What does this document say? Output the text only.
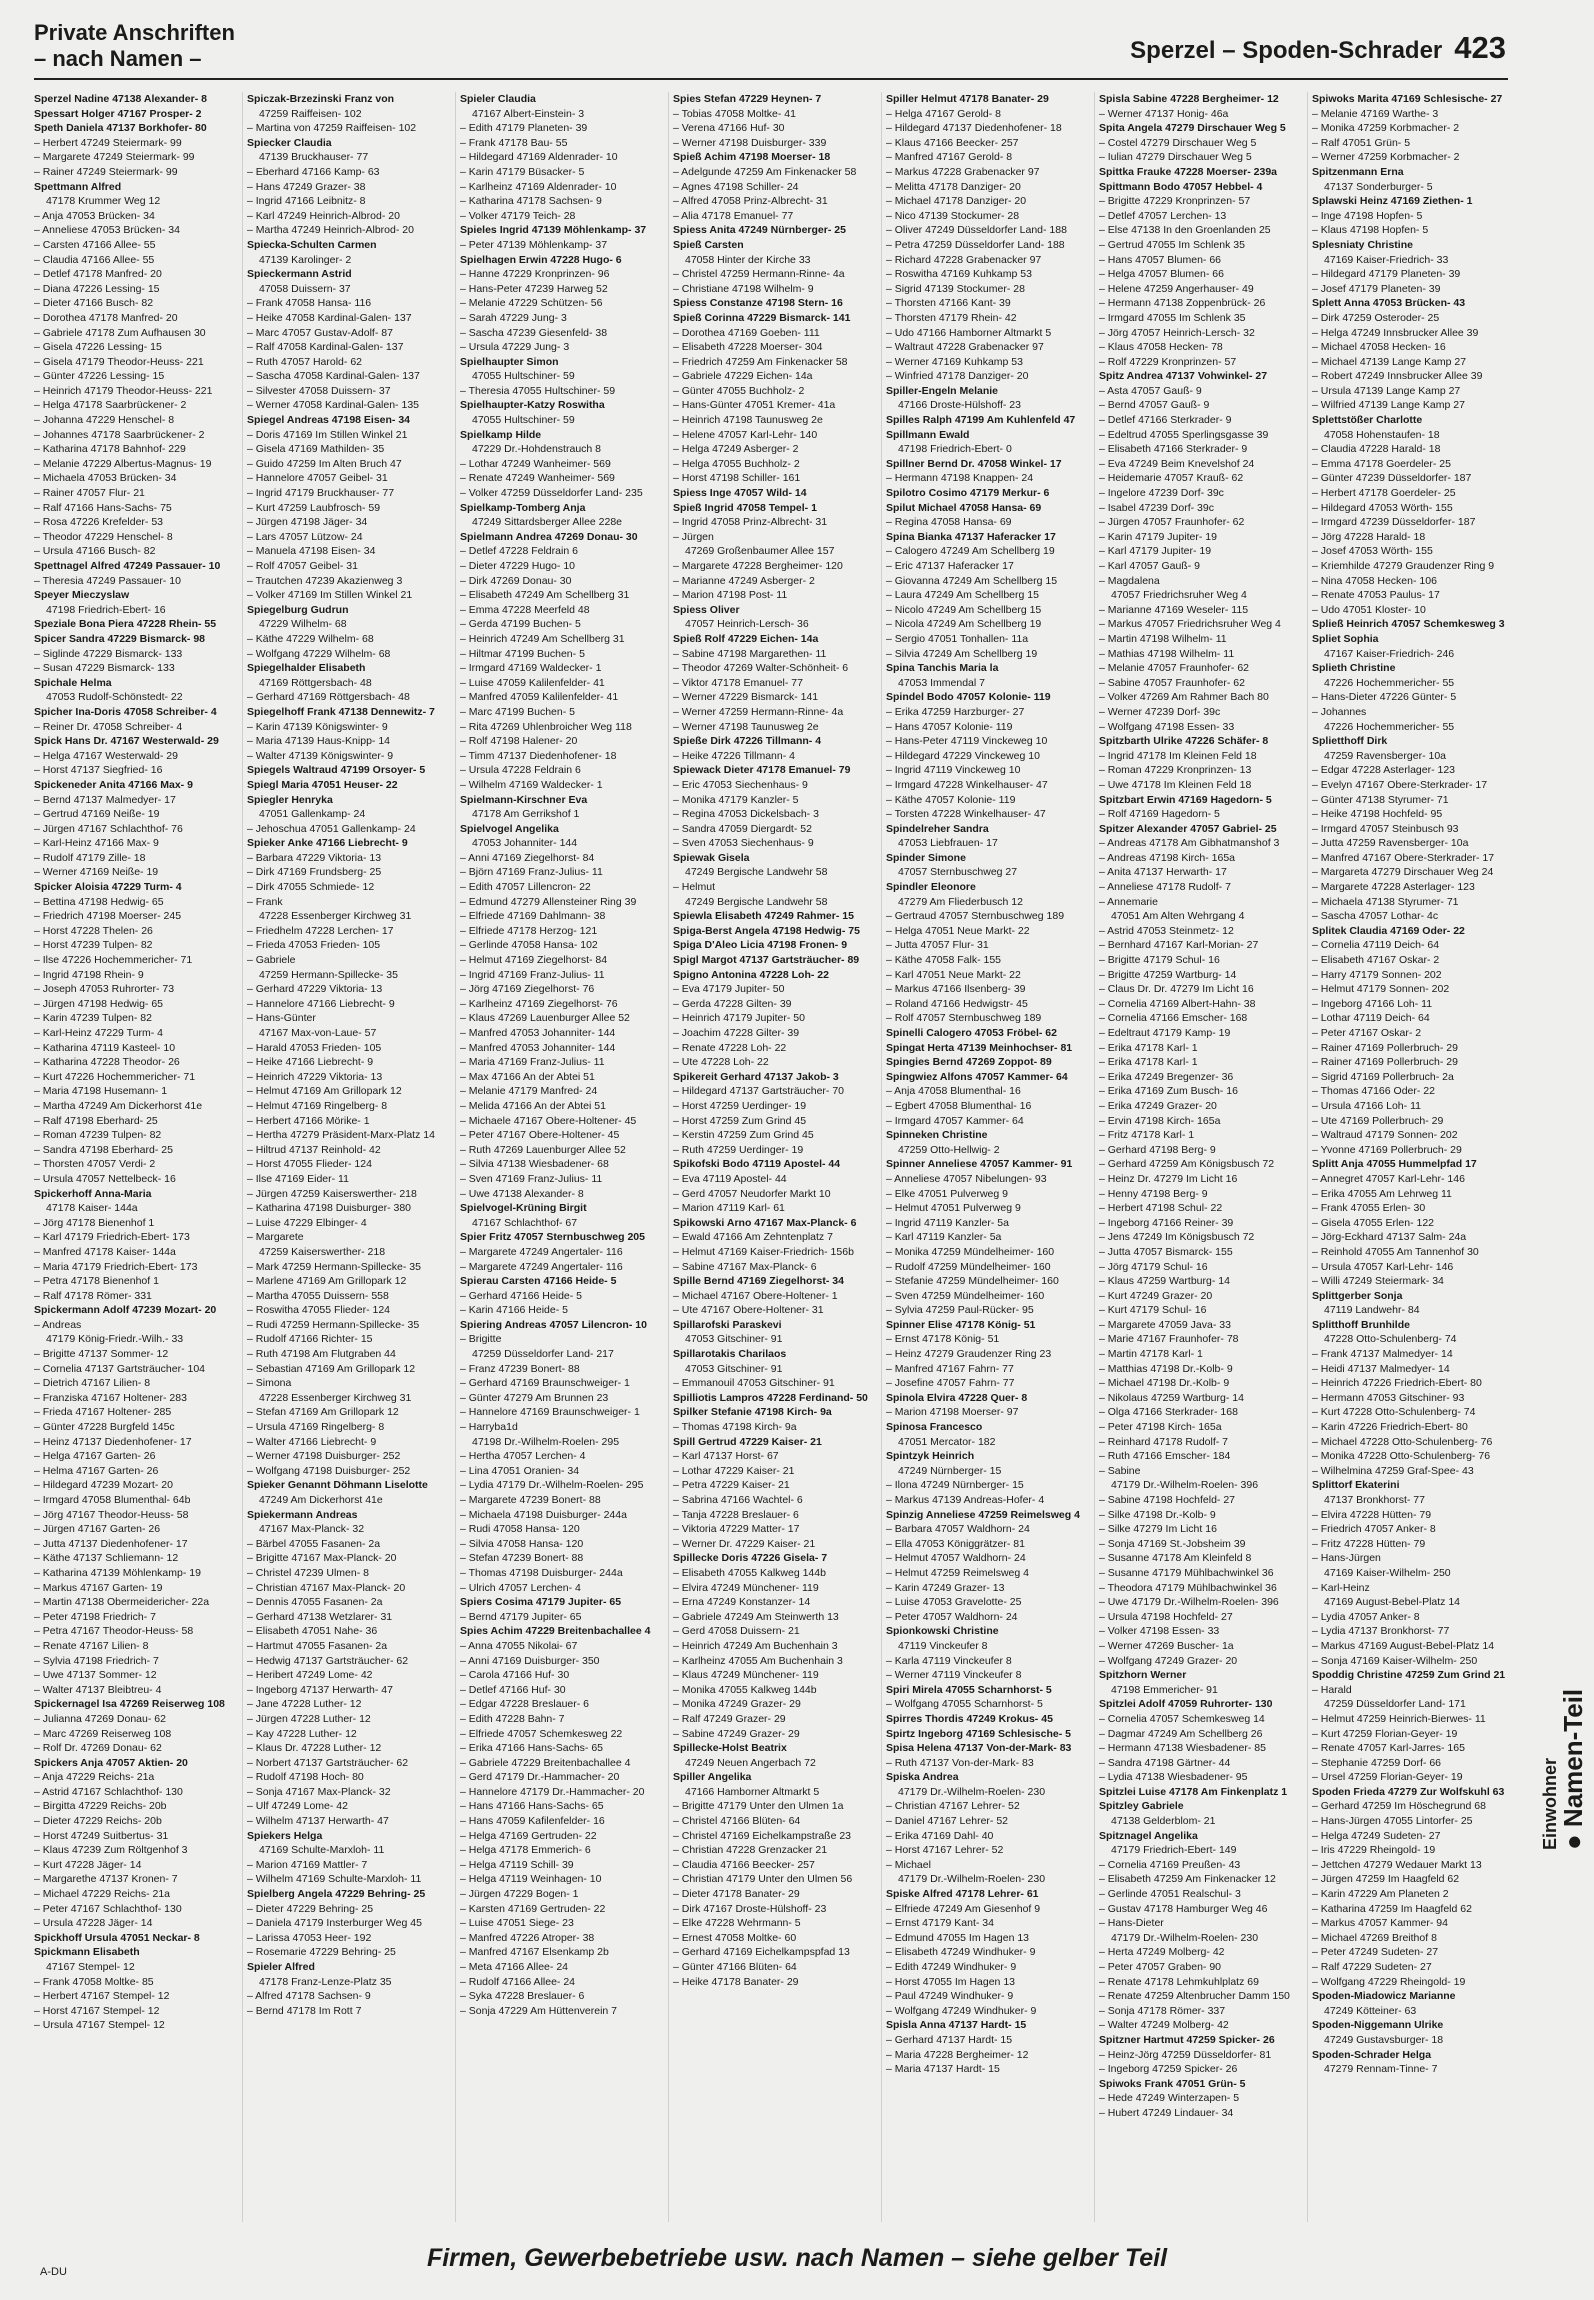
Private Anschriften
– nach Namen –	Sperzel – Spoden-Schrader 423
Sperzel Nadine 47138 Alexander- 8
Spessart Holger 47167 Prosper- 2
Speth Daniela 47137 Borkhofer- 80
– Herbert 47249 Steiermark- 99
– Margarete 47249 Steiermark- 99
– Rainer 47249 Steiermark- 99
Spettmann Alfred
47178 Krummer Weg 12
– Anja 47053 Brücken- 34
– Anneliese 47053 Brücken- 34
– Carsten 47166 Allee- 55
– Claudia 47166 Allee- 55
– Detlef 47178 Manfred- 20
– Diana 47226 Lessing- 15
– Dieter 47166 Busch- 82
– Dorothea 47178 Manfred- 20
– Gabriele 47178 Zum Aufhausen 30
– Gisela 47226 Lessing- 15
– Gisela 47179 Theodor-Heuss- 221
– Günter 47226 Lessing- 15
– Heinrich 47179 Theodor-Heuss- 221
– Helga 47178 Saarbrückener- 2
– Johanna 47229 Henschel- 8
– Johannes 47178 Saarbrückener- 2
– Katharina 47178 Bahnhof- 229
– Melanie 47229 Albertus-Magnus- 19
– Michaela 47053 Brücken- 34
– Rainer 47057 Flur- 21
– Ralf 47166 Hans-Sachs- 75
– Rosa 47226 Krefelder- 53
– Theodor 47229 Henschel- 8
– Ursula 47166 Busch- 82
Spettnagel Alfred 47249 Passauer- 10
– Theresia 47249 Passauer- 10
Speyer Mieczyslaw
47198 Friedrich-Ebert- 16
Speziale Bona Piera 47228 Rhein- 55
Spicer Sandra 47229 Bismarck- 98
– Siglinde 47229 Bismarck- 133
– Susan 47229 Bismarck- 133
Spichale Helma
47053 Rudolf-Schönstedt- 22
Spicher Ina-Doris 47058 Schreiber- 4
– Reiner Dr. 47058 Schreiber- 4
Spick Hans Dr. 47167 Westerwald- 29
– Helga 47167 Westerwald- 29
– Horst 47137 Siegfried- 16
Spickeneder Anita 47166 Max- 9
– Bernd 47137 Malmedyer- 17
– Gertrud 47169 Neiße- 19
– Jürgen 47167 Schlachthof- 76
– Karl-Heinz 47166 Max- 9
– Rudolf 47179 Zille- 18
– Werner 47169 Neiße- 19
Spicker Aloisia 47229 Turm- 4
– Bettina 47198 Hedwig- 65
– Friedrich 47198 Moerser- 245
– Horst 47228 Thelen- 26
– Horst 47239 Tulpen- 82
– Ilse 47226 Hochemmericher- 71
– Ingrid 47198 Rhein- 9
– Joseph 47053 Ruhrorter- 73
– Jürgen 47198 Hedwig- 65
– Karin 47239 Tulpen- 82
– Karl-Heinz 47229 Turm- 4
– Katharina 47119 Kasteel- 10
– Katharina 47228 Theodor- 26
– Kurt 47226 Hochemmericher- 71
– Maria 47198 Husemann- 1
– Martha 47249 Am Dickerhorst 41e
– Ralf 47198 Eberhard- 25
– Roman 47239 Tulpen- 82
– Sandra 47198 Eberhard- 25
– Thorsten 47057 Verdi- 2
– Ursula 47057 Nettelbeck- 16
Spickerhoff Anna-Maria
47178 Kaiser- 144a
– Jörg 47178 Bienenhof 1
– Karl 47179 Friedrich-Ebert- 173
– Manfred 47178 Kaiser- 144a
– Maria 47179 Friedrich-Ebert- 173
– Petra 47178 Bienenhof 1
– Ralf 47178 Römer- 331
Spickermann Adolf 47239 Mozart- 20
– Andreas
47179 König-Friedr.-Wilh.- 33
– Brigitte 47137 Sommer- 12
– Cornelia 47137 Gartsträucher- 104
– Dietrich 47167 Lilien- 8
– Franziska 47167 Holtener- 283
– Frieda 47167 Holtener- 285
– Günter 47228 Burgfeld 145c
– Heinz 47137 Diedenhofener- 17
– Helga 47167 Garten- 26
– Helma 47167 Garten- 26
– Hildegard 47239 Mozart- 20
– Irmgard 47058 Blumenthal- 64b
– Jörg 47167 Theodor-Heuss- 58
– Jürgen 47167 Garten- 26
– Jutta 47137 Diedenhofener- 17
– Käthe 47137 Schliemann- 12
– Katharina 47139 Möhlenkamp- 19
– Markus 47167 Garten- 19
– Martin 47138 Obermeidericher- 22a
– Peter 47198 Friedrich- 7
– Petra 47167 Theodor-Heuss- 58
– Renate 47167 Lilien- 8
– Sylvia 47198 Friedrich- 7
– Uwe 47137 Sommer- 12
– Walter 47137 Bleibtreu- 4
Spickernagel Isa 47269 Reiserweg 108
– Julianna 47269 Donau- 62
– Marc 47269 Reiserweg 108
– Rolf Dr. 47269 Donau- 62
Spickers Anja 47057 Aktien- 20
– Anja 47229 Reichs- 21a
– Astrid 47167 Schlachthof- 130
– Birgitta 47229 Reichs- 20b
– Dieter 47229 Reichs- 20b
– Horst 47249 Suitbertus- 31
– Klaus 47239 Zum Röltgenhof 3
– Kurt 47228 Jäger- 14
– Margarethe 47137 Kronen- 7
– Michael 47229 Reichs- 21a
– Peter 47167 Schlachthof- 130
– Ursula 47228 Jäger- 14
Spickhoff Ursula 47051 Neckar- 8
Spickmann Elisabeth
47167 Stempel- 12
– Frank 47058 Moltke- 85
– Herbert 47167 Stempel- 12
– Horst 47167 Stempel- 12
– Ursula 47167 Stempel- 12
Spiczak-Brzezinski Franz von
47259 Raiffeisen- 102
– Martina von 47259 Raiffeisen- 102
Spiecker Claudia
47139 Bruckhauser- 77
– Eberhard 47166 Kamp- 63
– Hans 47249 Grazer- 38
– Ingrid 47166 Leibnitz- 8
– Karl 47249 Heinrich-Albrod- 20
– Martha 47249 Heinrich-Albrod- 20
Spiecka-Schulten Carmen
47139 Karolinger- 2
Spieckermann Astrid
47058 Duissern- 37
– Frank 47058 Hansa- 116
– Heike 47058 Kardinal-Galen- 137
– Marc 47057 Gustav-Adolf- 87
– Ralf 47058 Kardinal-Galen- 137
– Ruth 47057 Harold- 62
– Sascha 47058 Kardinal-Galen- 137
– Silvester 47058 Duissern- 37
– Werner 47058 Kardinal-Galen- 135
Spiegel Andreas 47198 Eisen- 34
– Doris 47169 Im Stillen Winkel 21
– Gisela 47169 Mathilden- 35
– Guido 47259 Im Alten Bruch 47
– Hannelore 47057 Geibel- 31
– Ingrid 47179 Bruckhauser- 77
– Kurt 47259 Laubfrosch- 59
– Jürgen 47198 Jäger- 34
– Lars 47057 Lützow- 24
– Manuela 47198 Eisen- 34
– Rolf 47057 Geibel- 31
– Trautchen 47239 Akazienweg 3
– Volker 47169 Im Stillen Winkel 21
Spiegelburg Gudrun
47229 Wilhelm- 68
– Käthe 47229 Wilhelm- 68
– Wolfgang 47229 Wilhelm- 68
Spiegelhalder Elisabeth
47169 Röttgersbach- 48
– Gerhard 47169 Röttgersbach- 48
Spiegelhoff Frank 47138 Dennewitz- 7
– Karin 47139 Königswinter- 9
– Maria 47139 Haus-Knipp- 14
– Walter 47139 Königswinter- 9
Spiegels Waltraud 47199 Orsoyer- 5
Spiegl Maria 47051 Heuser- 22
Spiegler Henryka
47051 Gallenkamp- 24
– Jehoschua 47051 Gallenkamp- 24
Spieker Anke 47166 Liebrecht- 9
– Barbara 47229 Viktoria- 13
– Dirk 47169 Frundsberg- 25
– Dirk 47055 Schmiede- 12
– Frank
47228 Essenberger Kirchweg 31
– Friedhelm 47228 Lerchen- 17
– Frieda 47053 Frieden- 105
– Gabriele
47259 Hermann-Spillecke- 35
– Gerhard 47229 Viktoria- 13
– Hannelore 47166 Liebrecht- 9
– Hans-Günter
47167 Max-von-Laue- 57
– Harald 47053 Frieden- 105
– Heike 47166 Liebrecht- 9
– Heinrich 47229 Viktoria- 13
– Helmut 47169 Am Grillopark 12
– Helmut 47169 Ringelberg- 8
– Herbert 47166 Mörike- 1
– Hertha 47279 Präsident-Marx-Platz 14
– Hiltrud 47137 Reinhold- 42
– Horst 47055 Flieder- 124
– Ilse 47169 Eider- 11
– Jürgen 47259 Kaiserswerther- 218
– Katharina 47198 Duisburger- 380
– Luise 47229 Elbinger- 4
– Margarete
47259 Kaiserswerther- 218
– Mark 47259 Hermann-Spillecke- 35
– Marlene 47169 Am Grillopark 12
– Martha 47055 Duissern- 558
– Roswitha 47055 Flieder- 124
– Rudi 47259 Hermann-Spillecke- 35
– Rudolf 47166 Richter- 15
– Ruth 47198 Am Flutgraben 44
– Sebastian 47169 Am Grillopark 12
– Simona
47228 Essenberger Kirchweg 31
– Stefan 47169 Am Grillopark 12
– Ursula 47169 Ringelberg- 8
– Walter 47166 Liebrecht- 9
– Werner 47198 Duisburger- 252
– Wolfgang 47198 Duisburger- 252
Spieker Genannt Döhmann Liselotte
47249 Am Dickerhorst 41e
Spiekermann Andreas
47167 Max-Planck- 32
– Bärbel 47055 Fasanen- 2a
– Brigitte 47167 Max-Planck- 20
– Christel 47239 Ulmen- 8
– Christian 47167 Max-Planck- 20
– Dennis 47055 Fasanen- 2a
– Gerhard 47138 Wetzlarer- 31
– Elisabeth 47051 Nahe- 36
– Hartmut 47055 Fasanen- 2a
– Hedwig 47137 Gartsträucher- 62
– Heribert 47249 Lome- 42
– Ingeborg 47137 Herwarth- 47
– Jane 47228 Luther- 12
– Jürgen 47228 Luther- 12
– Kay 47228 Luther- 12
– Klaus Dr. 47228 Luther- 12
– Norbert 47137 Gartsträucher- 62
– Rudolf 47198 Hoch- 80
– Sonja 47167 Max-Planck- 32
– Ulf 47249 Lome- 42
– Wilhelm 47137 Herwarth- 47
Spiekers Helga
47169 Schulte-Marxloh- 11
– Marion 47169 Mattler- 7
– Wilhelm 47169 Schulte-Marxloh- 11
Spielberg Angela 47229 Behring- 25
– Dieter 47229 Behring- 25
– Daniela 47179 Insterburger Weg 45
– Larissa 47053 Heer- 192
– Rosemarie 47229 Behring- 25
Spieler Alfred
47178 Franz-Lenze-Platz 35
– Alfred 47178 Sachsen- 9
– Bernd 47178 Im Rott 7
Spieler Claudia
47167 Albert-Einstein- 3
– Edith 47179 Planeten- 39
– Frank 47178 Bau- 55
– Hildegard 47169 Aldenrader- 10
– Karin 47179 Büsacker- 5
– Karlheinz 47169 Aldenrader- 10
– Katharina 47178 Sachsen- 9
– Volker 47179 Teich- 28
Spieles Ingrid 47139 Möhlenkamp- 37
– Peter 47139 Möhlenkamp- 37
Spielhagen Erwin 47228 Hugo- 6
– Hanne 47229 Kronprinzen- 96
– Hans-Peter 47239 Harweg 52
– Melanie 47229 Schützen- 56
– Sarah 47229 Jung- 3
– Sascha 47239 Giesenfeld- 38
– Ursula 47229 Jung- 3
Spielhaupter Simon
47055 Hultschiner- 59
– Theresia 47055 Hultschiner- 59
Spielhaupter-Katzy Roswitha
47055 Hultschiner- 59
Spielkamp Hilde
47229 Dr.-Hohdenstrauch 8
– Lothar 47249 Wanheimer- 569
– Renate 47249 Wanheimer- 569
– Volker 47259 Düsseldorfer Land- 235
Spielkamp-Tomberg Anja
47249 Sittardsberger Allee 228e
Spielmann Andrea 47269 Donau- 30
– Detlef 47228 Feldrain 6
– Dieter 47229 Hugo- 10
– Dirk 47269 Donau- 30
– Elisabeth 47249 Am Schellberg 31
– Emma 47228 Meerfeld 48
– Gerda 47199 Buchen- 5
– Heinrich 47249 Am Schellberg 31
– Hiltmar 47199 Buchen- 5
– Irmgard 47169 Waldecker- 1
– Luise 47059 Kalilenfelder- 41
– Manfred 47059 Kalilenfelder- 41
– Marc 47199 Buchen- 5
– Rita 47269 Uhlenbroicher Weg 118
– Rolf 47198 Halener- 20
– Timm 47137 Diedenhofener- 18
– Ursula 47228 Feldrain 6
– Wilhelm 47169 Waldecker- 1
Spielmann-Kirschner Eva
47178 Am Gerrikshof 1
Spielvogel Angelika
47053 Johanniter- 144
– Anni 47169 Ziegelhorst- 84
– Björn 47169 Franz-Julius- 11
– Edith 47057 Lillencron- 22
– Edmund 47279 Allensteiner Ring 39
– Elfriede 47169 Dahlmann- 38
– Elfriede 47178 Herzog- 121
– Gerlinde 47058 Hansa- 102
– Helmut 47169 Ziegelhorst- 84
– Ingrid 47169 Franz-Julius- 11
– Jörg 47169 Ziegelhorst- 76
– Karlheinz 47169 Ziegelhorst- 76
– Klaus 47269 Lauenburger Allee 52
– Manfred 47053 Johanniter- 144
– Manfred 47053 Johanniter- 144
– Maria 47169 Franz-Julius- 11
– Max 47166 An der Abtei 51
– Melanie 47179 Manfred- 24
– Melida 47166 An der Abtei 51
– Michaele 47167 Obere-Holtener- 45
– Peter 47167 Obere-Holtener- 45
– Ruth 47269 Lauenburger Allee 52
– Silvia 47138 Wiesbadener- 68
– Sven 47169 Franz-Julius- 11
– Uwe 47138 Alexander- 8
Spielvogel-Krüning Birgit
47167 Schlachthof- 67
Spier Fritz 47057 Sternbuschweg 205
– Margarete 47249 Angertaler- 116
– Margarete 47249 Angertaler- 116
Spierau Carsten 47166 Heide- 5
– Gerhard 47166 Heide- 5
– Karin 47166 Heide- 5
Spiering Andreas 47057 Lilencron- 10
– Brigitte
47259 Düsseldorfer Land- 217
– Franz 47239 Bonert- 88
– Gerhard 47169 Braunschweiger- 1
– Günter 47279 Am Brunnen 23
– Hannelore 47169 Braunschweiger- 1
– Harryba1d
47198 Dr.-Wilhelm-Roelen- 295
– Hertha 47057 Lerchen- 4
– Lina 47051 Oranien- 34
– Lydia 47179 Dr.-Wilhelm-Roelen- 295
– Margarete 47239 Bonert- 88
– Michaela 47198 Duisburger- 244a
– Rudi 47058 Hansa- 120
– Silvia 47058 Hansa- 120
– Stefan 47239 Bonert- 88
– Thomas 47198 Duisburger- 244a
– Ulrich 47057 Lerchen- 4
Spiers Cosima 47179 Jupiter- 65
– Bernd 47179 Jupiter- 65
Spies Achim 47229 Breitenbachallee 4
– Anna 47055 Nikolai- 67
– Anni 47169 Duisburger- 350
– Carola 47166 Huf- 30
– Detlef 47166 Huf- 30
– Edgar 47228 Breslauer- 6
– Edith 47228 Bahn- 7
– Elfriede 47057 Schemkesweg 22
– Erika 47166 Hans-Sachs- 65
– Gabriele 47229 Breitenbachallee 4
– Gerd 47179 Dr.-Hammacher- 20
– Hannelore 47179 Dr.-Hammacher- 20
– Hans 47166 Hans-Sachs- 65
– Hans 47059 Kafilenfelder- 16
– Helga 47169 Gertruden- 22
– Helga 47178 Emmerich- 6
– Helga 47119 Schill- 39
– Helga 47119 Weinhagen- 10
– Jürgen 47229 Bogen- 1
– Karsten 47169 Gertruden- 22
– Luise 47051 Siege- 23
– Manfred 47226 Atroper- 38
– Manfred 47167 Elsenkamp 2b
– Meta 47166 Allee- 24
– Rudolf 47166 Allee- 24
– Syka 47228 Breslauer- 6
– Sonja 47229 Am Hüttenverein 7
Spies Stefan 47229 Heynen- 7
– Tobias 47058 Moltke- 41
– Verena 47166 Huf- 30
– Werner 47198 Duisburger- 339
Spieß Achim 47198 Moerser- 18
– Adelgunde 47259 Am Finkenacker 58
– Agnes 47198 Schiller- 24
– Alfred 47058 Prinz-Albrecht- 31
– Alia 47178 Emanuel- 77
Spiess Anita 47249 Nürnberger- 25
Spieß Carsten
47058 Hinter der Kirche 33
– Christel 47259 Hermann-Rinne- 4a
– Christiane 47198 Wilhelm- 9
Spiess Constanze 47198 Stern- 16
Spieß Corinna 47229 Bismarck- 141
– Dorothea 47169 Goeben- 111
– Elisabeth 47228 Moerser- 304
– Friedrich 47259 Am Finkenacker 58
– Gabriele 47229 Eichen- 14a
– Günter 47055 Buchholz- 2
– Hans-Günter 47051 Kremer- 41a
– Heinrich 47198 Taunusweg 2e
– Helene 47057 Karl-Lehr- 140
– Helga 47249 Asberger- 2
– Helga 47055 Buchholz- 2
– Horst 47198 Schiller- 161
Spiess Inge 47057 Wild- 14
Spieß Ingrid 47058 Tempel- 1
– Ingrid 47058 Prinz-Albrecht- 31
– Jürgen
47269 Großenbaumer Allee 157
– Margarete 47228 Bergheimer- 120
– Marianne 47249 Asberger- 2
– Marion 47198 Post- 11
Spiess Oliver
47057 Heinrich-Lersch- 36
Spieß Rolf 47229 Eichen- 14a
– Sabine 47198 Margarethen- 11
– Theodor 47269 Walter-Schönheit- 6
– Viktor 47178 Emanuel- 77
– Werner 47229 Bismarck- 141
– Werner 47259 Hermann-Rinne- 4a
– Werner 47198 Taunusweg 2e
Spieße Dirk 47226 Tillmann- 4
– Heike 47226 Tillmann- 4
Spiewack Dieter 47178 Emanuel- 79
– Eric 47053 Siechenhaus- 9
– Monika 47179 Kanzler- 5
– Regina 47053 Dickelsbach- 3
– Sandra 47059 Diergardt- 52
– Sven 47053 Siechenhaus- 9
Spiewak Gisela
47249 Bergische Landwehr 58
– Helmut
47249 Bergische Landwehr 58
Spiewla Elisabeth 47249 Rahmer- 15
Spiga-Berst Angela 47198 Hedwig- 75
Spiga D'Aleo Licia 47198 Fronen- 9
Spigl Margot 47137 Gartsträucher- 89
Spigno Antonina 47228 Loh- 22
– Eva 47179 Jupiter- 50
– Gerda 47228 Gilten- 39
– Heinrich 47179 Jupiter- 50
– Joachim 47228 Gilter- 39
– Renate 47228 Loh- 22
– Ute 47228 Loh- 22
Spikereit Gerhard 47137 Jakob- 3
– Hildegard 47137 Gartsträucher- 70
– Horst 47259 Uerdinger- 19
– Horst 47259 Zum Grind 45
– Kerstin 47259 Zum Grind 45
– Ruth 47259 Uerdinger- 19
Spikofski Bodo 47119 Apostel- 44
– Eva 47119 Apostel- 44
– Gerd 47057 Neudorfer Markt 10
– Marion 47119 Karl- 61
Spikowski Arno 47167 Max-Planck- 6
– Ewald 47166 Am Zehntenplatz 7
– Helmut 47169 Kaiser-Friedrich- 156b
– Sabine 47167 Max-Planck- 6
Spille Bernd 47169 Ziegelhorst- 34
– Michael 47167 Obere-Holtener- 1
– Ute 47167 Obere-Holtener- 31
Spillarofski Paraskevi
47053 Gitschiner- 91
Spillarotakis Charilaos
47053 Gitschiner- 91
– Emmanouil 47053 Gitschiner- 91
Spilliotis Lampros 47228 Ferdinand- 50
Spilker Stefanie 47198 Kirch- 9a
– Thomas 47198 Kirch- 9a
Spill Gertrud 47229 Kaiser- 21
– Karl 47137 Horst- 67
– Lothar 47229 Kaiser- 21
– Petra 47229 Kaiser- 21
– Sabrina 47166 Wachtel- 6
– Tanja 47228 Breslauer- 6
– Viktoria 47229 Matter- 17
– Werner Dr. 47229 Kaiser- 21
Spillecke Doris 47226 Gisela- 7
– Elisabeth 47055 Kalkweg 144b
– Elvira 47249 Münchener- 119
– Erna 47249 Konstanzer- 14
– Gabriele 47249 Am Steinwerth 13
– Gerd 47058 Duissern- 21
– Heinrich 47249 Am Buchenhain 3
– Karlheinz 47055 Am Buchenhain 3
– Klaus 47249 Münchener- 119
– Monika 47055 Kalkweg 144b
– Monika 47249 Grazer- 29
– Ralf 47249 Grazer- 29
– Sabine 47249 Grazer- 29
Spillecke-Holst Beatrix
47249 Neuen Angerbach 72
Spiller Angelika
47166 Hamborner Altmarkt 5
– Brigitte 47179 Unter den Ulmen 1a
– Christel 47166 Blüten- 64
– Christel 47169 Eichelkampstraße 23
– Christian 47228 Grenzacker 21
– Claudia 47166 Beecker- 257
– Christian 47179 Unter den Ulmen 56
– Dieter 47178 Banater- 29
– Dirk 47167 Droste-Hülshoff- 23
– Elke 47228 Wehrmann- 5
– Ernest 47058 Moltke- 60
– Gerhard 47169 Eichelkampspfad 13
– Günter 47166 Blüten- 64
– Heike 47178 Banater- 29
Spiller Helmut 47178 Banater- 29
– Helga 47167 Gerold- 8
– Hildegard 47137 Diedenhofener- 18
– Klaus 47166 Beecker- 257
– Manfred 47167 Gerold- 8
– Markus 47228 Grabenacker 97
– Melitta 47178 Danziger- 20
– Michael 47178 Danziger- 20
– Nico 47139 Stockumer- 28
– Oliver 47249 Düsseldorfer Land- 188
– Petra 47259 Düsseldorfer Land- 188
– Richard 47228 Grabenacker 97
– Roswitha 47169 Kuhkamp 53
– Sigrid 47139 Stockumer- 28
– Thorsten 47166 Kant- 39
– Thorsten 47179 Rhein- 42
– Udo 47166 Hamborner Altmarkt 5
– Waltraut 47228 Grabenacker 97
– Werner 47169 Kuhkamp 53
– Winfried 47178 Danziger- 20
Spiller-Engeln Melanie
47166 Droste-Hülshoff- 23
Spilles Ralph 47199 Am Kuhlenfeld 47
Spillmann Ewald
47198 Friedrich-Ebert- 0
Spillner Bernd Dr. 47058 Winkel- 17
– Hermann 47198 Knappen- 24
Spilotro Cosimo 47179 Merkur- 6
Spilut Michael 47058 Hansa- 69
– Regina 47058 Hansa- 69
Spina Bianka 47137 Haferacker 17
– Calogero 47249 Am Schellberg 19
– Eric 47137 Haferacker 17
– Giovanna 47249 Am Schellberg 15
– Laura 47249 Am Schellberg 15
– Nicolo 47249 Am Schellberg 15
– Nicola 47249 Am Schellberg 19
– Sergio 47051 Tonhallen- 11a
– Silvia 47249 Am Schellberg 19
Spina Tanchis Maria la
47053 Immendal 7
Spindel Bodo 47057 Kolonie- 119
– Erika 47259 Harzburger- 27
– Hans 47057 Kolonie- 119
– Hans-Peter 47119 Vinckeweg 10
– Hildegard 47229 Vinckeweg 10
– Ingrid 47119 Vinckeweg 10
– Irmgard 47228 Winkelhauser- 47
– Käthe 47057 Kolonie- 119
– Torsten 47228 Winkelhauser- 47
Spindelreher Sandra
47053 Liebfrauen- 17
Spinder Simone
47057 Sternbuschweg 27
Spindler Eleonore
47279 Am Fliederbusch 12
– Gertraud 47057 Sternbuschweg 189
– Helga 47051 Neue Markt- 22
– Jutta 47057 Flur- 31
– Käthe 47058 Falk- 155
– Karl 47051 Neue Markt- 22
– Markus 47166 Ilsenberg- 39
– Roland 47166 Hedwigstr- 45
– Rolf 47057 Sternbuschweg 189
Spinelli Calogero 47053 Fröbel- 62
Spingat Herta 47139 Meinhochser- 81
Spingies Bernd 47269 Zoppot- 89
Spingwiez Alfons 47057 Kammer- 64
– Anja 47058 Blumenthal- 16
– Egbert 47058 Blumenthal- 16
– Irmgard 47057 Kammer- 64
Spinneken Christine
47259 Otto-Hellwig- 2
Spinner Anneliese 47057 Kammer- 91
– Anneliese 47057 Nibelungen- 93
– Elke 47051 Pulverweg 9
– Helmut 47051 Pulverweg 9
– Ingrid 47119 Kanzler- 5a
– Karl 47119 Kanzler- 5a
– Monika 47259 Mündelheimer- 160
– Rudolf 47259 Mündelheimer- 160
– Stefanie 47259 Mündelheimer- 160
– Sven 47259 Mündelheimer- 160
– Sylvia 47259 Paul-Rücker- 95
Spinner Elise 47178 König- 51
– Ernst 47178 König- 51
– Heinz 47279 Graudenzer Ring 23
– Manfred 47167 Fahrn- 77
– Josefine 47057 Fahrn- 77
Spinola Elvira 47228 Quer- 8
– Marion 47198 Moerser- 97
Spinosa Francesco
47051 Mercator- 182
Spintzyk Heinrich
47249 Nürnberger- 15
– Ilona 47249 Nürnberger- 15
– Markus 47139 Andreas-Hofer- 4
Spinzig Anneliese 47259 Reimelsweg 4
– Barbara 47057 Waldhorn- 24
– Ella 47053 Königgrätzer- 81
– Helmut 47057 Waldhorn- 24
– Helmut 47259 Reimelsweg 4
– Karin 47249 Grazer- 13
– Luise 47053 Gravelotte- 25
– Peter 47057 Waldhorn- 24
Spionkowski Christine
47119 Vinckeufer 8
– Karla 47119 Vinckeufer 8
– Werner 47119 Vinckeufer 8
Spiri Mirela 47055 Scharnhorst- 5
– Wolfgang 47055 Scharnhorst- 5
Spirres Thordis 47249 Krokus- 45
Spirtz Ingeborg 47169 Schlesische- 5
Spisa Helena 47137 Von-der-Mark- 83
– Ruth 47137 Von-der-Mark- 83
Spiska Andrea
47179 Dr.-Wilhelm-Roelen- 230
– Christian 47167 Lehrer- 52
– Daniel 47167 Lehrer- 52
– Erika 47169 Dahl- 40
– Horst 47167 Lehrer- 52
– Michael
47179 Dr.-Wilhelm-Roelen- 230
Spiske Alfred 47178 Lehrer- 61
– Elfriede 47249 Am Giesenhof 9
– Ernst 47179 Kant- 34
– Edmund 47055 Im Hagen 13
– Elisabeth 47249 Windhuker- 9
– Edith 47249 Windhuker- 9
– Horst 47055 Im Hagen 13
– Paul 47249 Windhuker- 9
– Wolfgang 47249 Windhuker- 9
Spisla Anna 47137 Hardt- 15
– Gerhard 47137 Hardt- 15
– Maria 47228 Bergheimer- 12
– Maria 47137 Hardt- 15
Spisla Sabine 47228 Bergheimer- 12
– Werner 47137 Honig- 46a
Spita Angela 47279 Dirschauer Weg 5
– Costel 47279 Dirschauer Weg 5
– Iulian 47279 Dirschauer Weg 5
Spittka Frauke 47228 Moerser- 239a
Spittmann Bodo 47057 Hebbel- 4
– Brigitte 47229 Kronprinzen- 57
– Detlef 47057 Lerchen- 13
– Else 47138 In den Groenlanden 25
– Gertrud 47055 Im Schlenk 35
– Hans 47057 Blumen- 66
– Helga 47057 Blumen- 66
– Helene 47259 Angerhauser- 49
– Hermann 47138 Zoppenbrück- 26
– Irmgard 47055 Im Schlenk 35
– Jörg 47057 Heinrich-Lersch- 32
– Klaus 47058 Hecken- 78
– Rolf 47229 Kronprinzen- 57
Spitz Andrea 47137 Vohwinkel- 27
– Asta 47057 Gauß- 9
– Bernd 47057 Gauß- 9
– Detlef 47166 Sterkrader- 9
– Edeltrud 47055 Sperlingsgasse 39
– Elisabeth 47166 Sterkrader- 9
– Eva 47249 Beim Knevelshof 24
– Heidemarie 47057 Krauß- 62
– Ingelore 47239 Dorf- 39c
– Isabel 47239 Dorf- 39c
– Jürgen 47057 Fraunhofer- 62
– Karin 47179 Jupiter- 19
– Karl 47179 Jupiter- 19
– Karl 47057 Gauß- 9
– Magdalena
47057 Friedrichsruher Weg 4
– Marianne 47169 Weseler- 115
– Markus 47057 Friedrichsruher Weg 4
– Martin 47198 Wilhelm- 11
– Mathias 47198 Wilhelm- 11
– Melanie 47057 Fraunhofer- 62
– Sabine 47057 Fraunhofer- 62
– Volker 47269 Am Rahmer Bach 80
– Werner 47239 Dorf- 39c
– Wolfgang 47198 Essen- 33
Spitzbarth Ulrike 47226 Schäfer- 8
– Ingrid 47178 Im Kleinen Feld 18
– Roman 47229 Kronprinzen- 13
– Uwe 47178 Im Kleinen Feld 18
Spitzbart Erwin 47169 Hagedorn- 5
– Rolf 47169 Hagedorn- 5
Spitzer Alexander 47057 Gabriel- 25
– Andreas 47178 Am Gibhatmanshof 3
– Andreas 47198 Kirch- 165a
– Anita 47137 Herwarth- 17
– Anneliese 47178 Rudolf- 7
– Annemarie
47051 Am Alten Wehrgang 4
– Astrid 47053 Steinmetz- 12
– Bernhard 47167 Karl-Morian- 27
– Brigitte 47179 Schul- 16
– Brigitte 47259 Wartburg- 14
– Claus Dr. Dr. 47279 Im Licht 16
– Cornelia 47169 Albert-Hahn- 38
– Cornelia 47166 Emscher- 168
– Edeltraut 47179 Kamp- 19
– Erika 47178 Karl- 1
– Erika 47178 Karl- 1
– Erika 47249 Bregenzer- 36
– Erika 47169 Zum Busch- 16
– Erika 47249 Grazer- 20
– Ervin 47198 Kirch- 165a
– Fritz 47178 Karl- 1
– Gerhard 47198 Berg- 9
– Gerhard 47259 Am Königsbusch 72
– Heinz Dr. 47279 Im Licht 16
– Henny 47198 Berg- 9
– Herbert 47198 Schul- 22
– Ingeborg 47166 Reiner- 39
– Jens 47249 Im Königsbusch 72
– Jutta 47057 Bismarck- 155
– Jörg 47179 Schul- 16
– Klaus 47259 Wartburg- 14
– Kurt 47249 Grazer- 20
– Kurt 47179 Schul- 16
– Margarete 47059 Java- 33
– Marie 47167 Fraunhofer- 78
– Martin 47178 Karl- 1
– Matthias 47198 Dr.-Kolb- 9
– Michael 47198 Dr.-Kolb- 9
– Nikolaus 47259 Wartburg- 14
– Olga 47166 Sterkrader- 168
– Peter 47198 Kirch- 165a
– Reinhard 47178 Rudolf- 7
– Ruth 47166 Emscher- 184
– Sabine
47179 Dr.-Wilhelm-Roelen- 396
– Sabine 47198 Hochfeld- 27
– Silke 47198 Dr.-Kolb- 9
– Silke 47279 Im Licht 16
– Sonja 47169 St.-Jobsheim 39
– Susanne 47178 Am Kleinfeld 8
– Susanne 47179 Mühlbachwinkel 36
– Theodora 47179 Mühlbachwinkel 36
– Uwe 47179 Dr.-Wilhelm-Roelen- 396
– Ursula 47198 Hochfeld- 27
– Volker 47198 Essen- 33
– Werner 47269 Buscher- 1a
– Wolfgang 47249 Grazer- 20
Spitzhorn Werner
47198 Emmericher- 91
Spitzlei Adolf 47059 Ruhrorter- 130
– Cornelia 47057 Schemkesweg 14
– Dagmar 47249 Am Schellberg 26
– Hermann 47138 Wiesbadener- 85
– Sandra 47198 Gärtner- 44
– Lydia 47138 Wiesbadener- 95
Spitzlei Luise 47178 Am Finkenplatz 1
Spitzley Gabriele
47138 Gelderblom- 21
Spitznagel Angelika
47179 Friedrich-Ebert- 149
– Cornelia 47169 Preußen- 43
– Elisabeth 47259 Am Finkenacker 12
– Gerlinde 47051 Realschul- 3
– Gustav 47178 Hamburger Weg 46
– Hans-Dieter
47179 Dr.-Wilhelm-Roelen- 230
– Herta 47249 Molberg- 42
– Peter 47057 Graben- 90
– Renate 47178 Lehmkuhlplatz 69
– Renate 47259 Altenbrucher Damm 150
– Sonja 47178 Römer- 337
– Walter 47249 Molberg- 42
Spitzner Hartmut 47259 Spicker- 26
– Heinz-Jörg 47259 Düsseldorfer- 81
– Ingeborg 47259 Spicker- 26
Spiwoks Frank 47051 Grün- 5
– Hede 47249 Winterzapen- 5
– Hubert 47249 Lindauer- 34
Spiwoks Marita 47169 Schlesische- 27
– Melanie 47169 Warthe- 3
– Monika 47259 Korbmacher- 2
– Ralf 47051 Grün- 5
– Werner 47259 Korbmacher- 2
Spitzenmann Erna
47137 Sonderburger- 5
Splawski Heinz 47169 Ziethen- 1
– Inge 47198 Hopfen- 5
– Klaus 47198 Hopfen- 5
Splesniaty Christine
47169 Kaiser-Friedrich- 33
– Hildegard 47179 Planeten- 39
– Josef 47179 Planeten- 39
Splett Anna 47053 Brücken- 43
– Dirk 47259 Osteroder- 25
– Helga 47249 Innsbrucker Allee 39
– Michael 47058 Hecken- 16
– Michael 47139 Lange Kamp 27
– Robert 47249 Innsbrucker Allee 39
– Ursula 47139 Lange Kamp 27
– Wilfried 47139 Lange Kamp 27
Splettstößer Charlotte
47058 Hohenstaufen- 18
– Claudia 47228 Harald- 18
– Emma 47178 Goerdeler- 25
– Günter 47239 Düsseldorfer- 187
– Herbert 47178 Goerdeler- 25
– Hildegard 47053 Wörth- 155
– Irmgard 47239 Düsseldorfer- 187
– Jörg 47228 Harald- 18
– Josef 47053 Wörth- 155
– Kriemhilde 47279 Graudenzer Ring 9
– Nina 47058 Hecken- 106
– Renate 47053 Paulus- 17
– Udo 47051 Kloster- 10
Spließ Heinrich 47057 Schemkesweg 3
Spliet Sophia
47167 Kaiser-Friedrich- 246
Splieth Christine
47226 Hochemmericher- 55
– Hans-Dieter 47226 Günter- 5
– Johannes
47226 Hochemmericher- 55
Splietthoff Dirk
47259 Ravensberger- 10a
– Edgar 47228 Asterlager- 123
– Evelyn 47167 Obere-Sterkrader- 17
– Günter 47138 Styrumer- 71
– Heike 47198 Hochfeld- 95
– Irmgard 47057 Steinbusch 93
– Jutta 47259 Ravensberger- 10a
– Manfred 47167 Obere-Sterkrader- 17
– Margareta 47279 Dirschauer Weg 24
– Margarete 47228 Asterlager- 123
– Michaela 47138 Styrumer- 71
– Sascha 47057 Lothar- 4c
Splitek Claudia 47169 Oder- 22
– Cornelia 47119 Deich- 64
– Elisabeth 47167 Oskar- 2
– Harry 47179 Sonnen- 202
– Helmut 47179 Sonnen- 202
– Ingeborg 47166 Loh- 11
– Lothar 47119 Deich- 64
– Peter 47167 Oskar- 2
– Rainer 47169 Pollerbruch- 29
– Rainer 47169 Pollerbruch- 29
– Sigrid 47169 Pollerbruch- 2a
– Thomas 47166 Oder- 22
– Ursula 47166 Loh- 11
– Ute 47169 Pollerbruch- 29
– Waltraud 47179 Sonnen- 202
– Yvonne 47169 Pollerbruch- 29
Splitt Anja 47055 Hummelpfad 17
– Annegret 47057 Karl-Lehr- 146
– Erika 47055 Am Lehrweg 11
– Frank 47055 Erlen- 30
– Gisela 47055 Erlen- 122
– Jörg-Eckhard 47137 Salm- 24a
– Reinhold 47055 Am Tannenhof 30
– Ursula 47057 Karl-Lehr- 146
– Willi 47249 Steiermark- 34
Splittgerber Sonja
47119 Landwehr- 84
Splitthoff Brunhilde
47228 Otto-Schulenberg- 74
– Frank 47137 Malmedyer- 14
– Heidi 47137 Malmedyer- 14
– Heinrich 47226 Friedrich-Ebert- 80
– Hermann 47053 Gitschiner- 93
– Kurt 47228 Otto-Schulenberg- 74
– Karin 47226 Friedrich-Ebert- 80
– Michael 47228 Otto-Schulenberg- 76
– Monika 47228 Otto-Schulenberg- 76
– Wilhelmina 47259 Graf-Spee- 43
Splittorf Ekaterini
47137 Bronkhorst- 77
– Elvira 47228 Hütten- 79
– Friedrich 47057 Anker- 8
– Fritz 47228 Hütten- 79
– Hans-Jürgen
47169 Kaiser-Wilhelm- 250
– Karl-Heinz
47169 August-Bebel-Platz 14
– Lydia 47057 Anker- 8
– Lydia 47137 Bronkhorst- 77
– Markus 47169 August-Bebel-Platz 14
– Sonja 47169 Kaiser-Wilhelm- 250
Spoddig Christine 47259 Zum Grind 21
– Harald
47259 Düsseldorfer Land- 171
– Helmut 47259 Heinrich-Bierwes- 11
– Kurt 47259 Florian-Geyer- 19
– Renate 47057 Karl-Jarres- 165
– Stephanie 47259 Dorf- 66
– Ursel 47259 Florian-Geyer- 19
Spoden Frieda 47279 Zur Wolfskuhl 63
– Gerhard 47259 Im Höschegrund 68
– Hans-Jürgen 47055 Lintorfer- 25
– Helga 47249 Sudeten- 27
– Iris 47229 Rheingold- 19
– Jettchen 47279 Wedauer Markt 13
– Jürgen 47259 Im Haagfeld 62
– Karin 47229 Am Planeten 2
– Katharina 47259 Im Haagfeld 62
– Markus 47057 Kammer- 94
– Michael 47269 Breithof 8
– Peter 47249 Sudeten- 27
– Ralf 47229 Sudeten- 27
– Wolfgang 47229 Rheingold- 19
Spoden-Miadowicz Marianne
47249 Kötteiner- 63
Spoden-Niggemann Ulrike
47249 Gustavsburger- 18
Spoden-Schrader Helga
47279 Rennam-Tinne- 7
Einwohner
● Namen-Teil
Firmen, Gewerbebetriebe usw. nach Namen – siehe gelber Teil
A-DU
